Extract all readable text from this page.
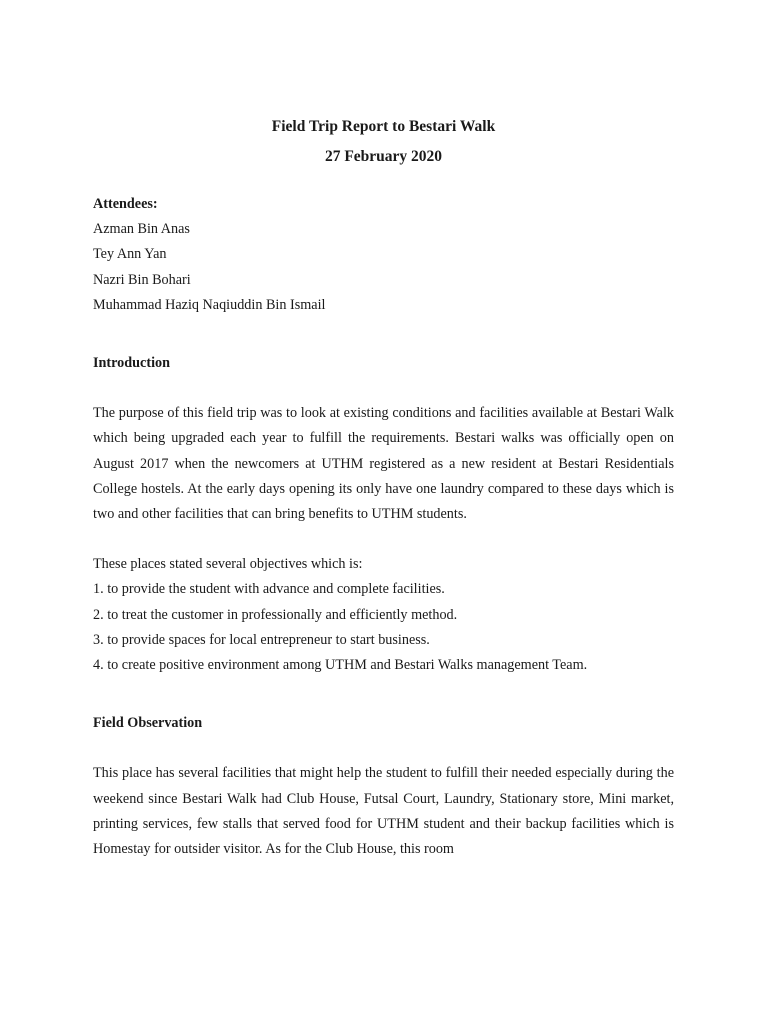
Field Trip Report to Bestari Walk

27 February 2020

Attendees:

Azman Bin Anas

Tey Ann Yan

Nazri Bin Bohari

Muhammad Haziq Naqiuddin Bin Ismail

Introduction

The purpose of this field trip was to look at existing conditions and facilities available at Bestari Walk which being upgraded each year to fulfill the requirements. Bestari walks was officially open on August 2017 when the newcomers at UTHM registered as a new resident at Bestari Residentials College hostels. At the early days opening its only have one laundry compared to these days which is two and other facilities that can bring benefits to UTHM students.

These places stated several objectives which is:

1. to provide the student with advance and complete facilities.

2. to treat the customer in professionally and efficiently method.

3. to provide spaces for local entrepreneur to start business.

4. to create positive environment among UTHM and Bestari Walks management Team.

Field Observation

This place has several facilities that might help the student to fulfill their needed especially during the weekend since Bestari Walk had Club House, Futsal Court, Laundry, Stationary store, Mini market, printing services, few stalls that served food for UTHM student and their backup facilities which is Homestay for outsider visitor. As for the Club House, this room
